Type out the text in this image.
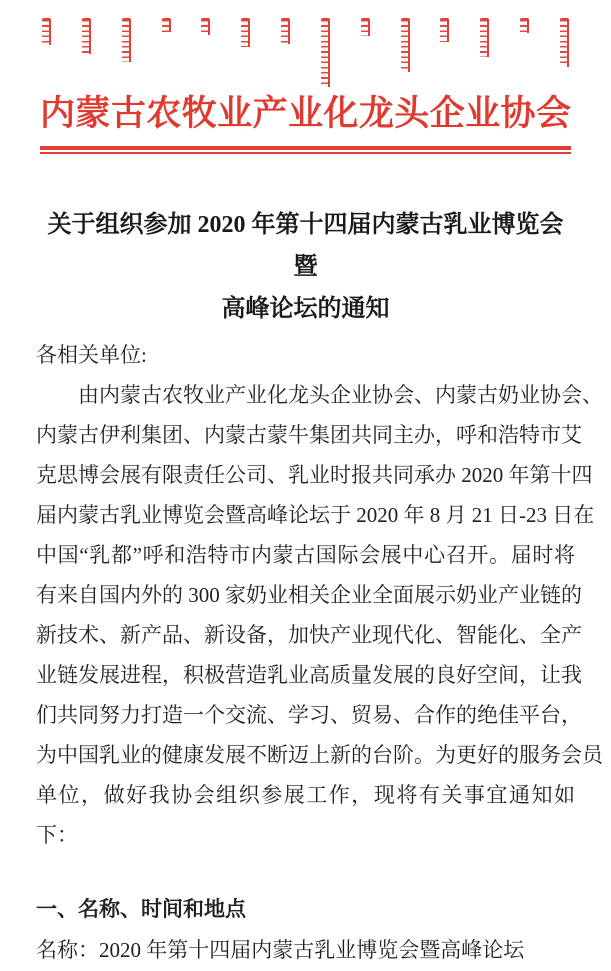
内蒙古农牧业产业化龙头企业协会
关于组织参加 2020 年第十四届内蒙古乳业博览会暨
高峰论坛的通知

各相关单位:

由内蒙古农牧业产业化龙头企业协会、内蒙古奶业协会、
内蒙古伊利集团、内蒙古蒙牛集团共同主办，呼和浩特市艾
克思博会展有限责任公司、乳业时报共同承办 2020 年第十四
届内蒙古乳业博览会暨高峰论坛于 2020 年 8 月 21 日-23 日在
中国“乳都”呼和浩特市内蒙古国际会展中心召开。届时将
有来自国内外的 300 家奶业相关企业全面展示奶业产业链的
新技术、新产品、新设备，加快产业现代化、智能化、全产
业链发展进程，积极营造乳业高质量发展的良好空间，让我
们共同努力打造一个交流、学习、贸易、合作的绝佳平台，
为中国乳业的健康发展不断迈上新的台阶。为更好的服务会员
单位，做好我协会组织参展工作，现将有关事宜通知如下：

一、名称、时间和地点

名称：2020 年第十四届内蒙古乳业博览会暨高峰论坛
